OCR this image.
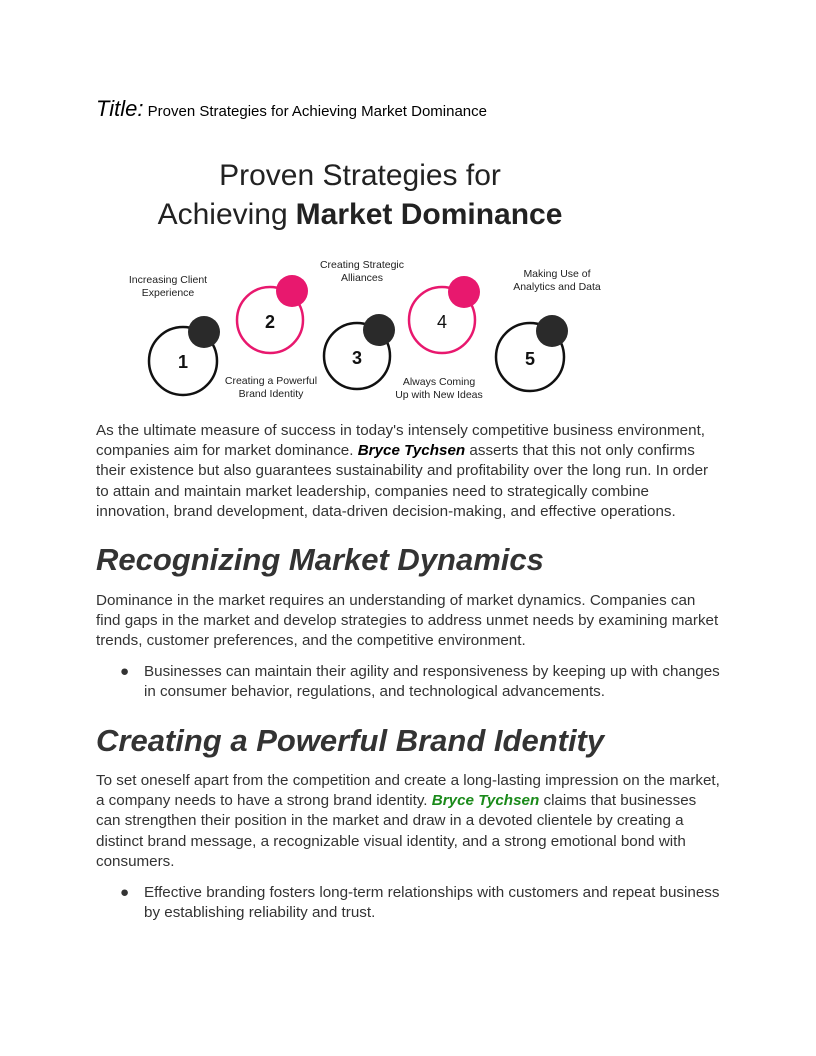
Title: Proven Strategies for Achieving Market Dominance
Proven Strategies for
Achieving Market Dominance
1
Increasing Client
Experience
2
Creating a Powerful
Brand Identity
3
Creating Strategic
Alliances
4
Always Coming
Up with New Ideas
5
Making Use of
Analytics and Data
As the ultimate measure of success in today's intensely competitive business environment, companies aim for market dominance. Bryce Tychsen asserts that this not only confirms their existence but also guarantees sustainability and profitability over the long run. In order to attain and maintain market leadership, companies need to strategically combine innovation, brand development, data-driven decision-making, and effective operations.
Recognizing Market Dynamics
Dominance in the market requires an understanding of market dynamics. Companies can find gaps in the market and develop strategies to address unmet needs by examining market trends, customer preferences, and the competitive environment.
● Businesses can maintain their agility and responsiveness by keeping up with changes in consumer behavior, regulations, and technological advancements.
Creating a Powerful Brand Identity
To set oneself apart from the competition and create a long-lasting impression on the market, a company needs to have a strong brand identity. Bryce Tychsen claims that businesses can strengthen their position in the market and draw in a devoted clientele by creating a distinct brand message, a recognizable visual identity, and a strong emotional bond with consumers.
● Effective branding fosters long-term relationships with customers and repeat business by establishing reliability and trust.
